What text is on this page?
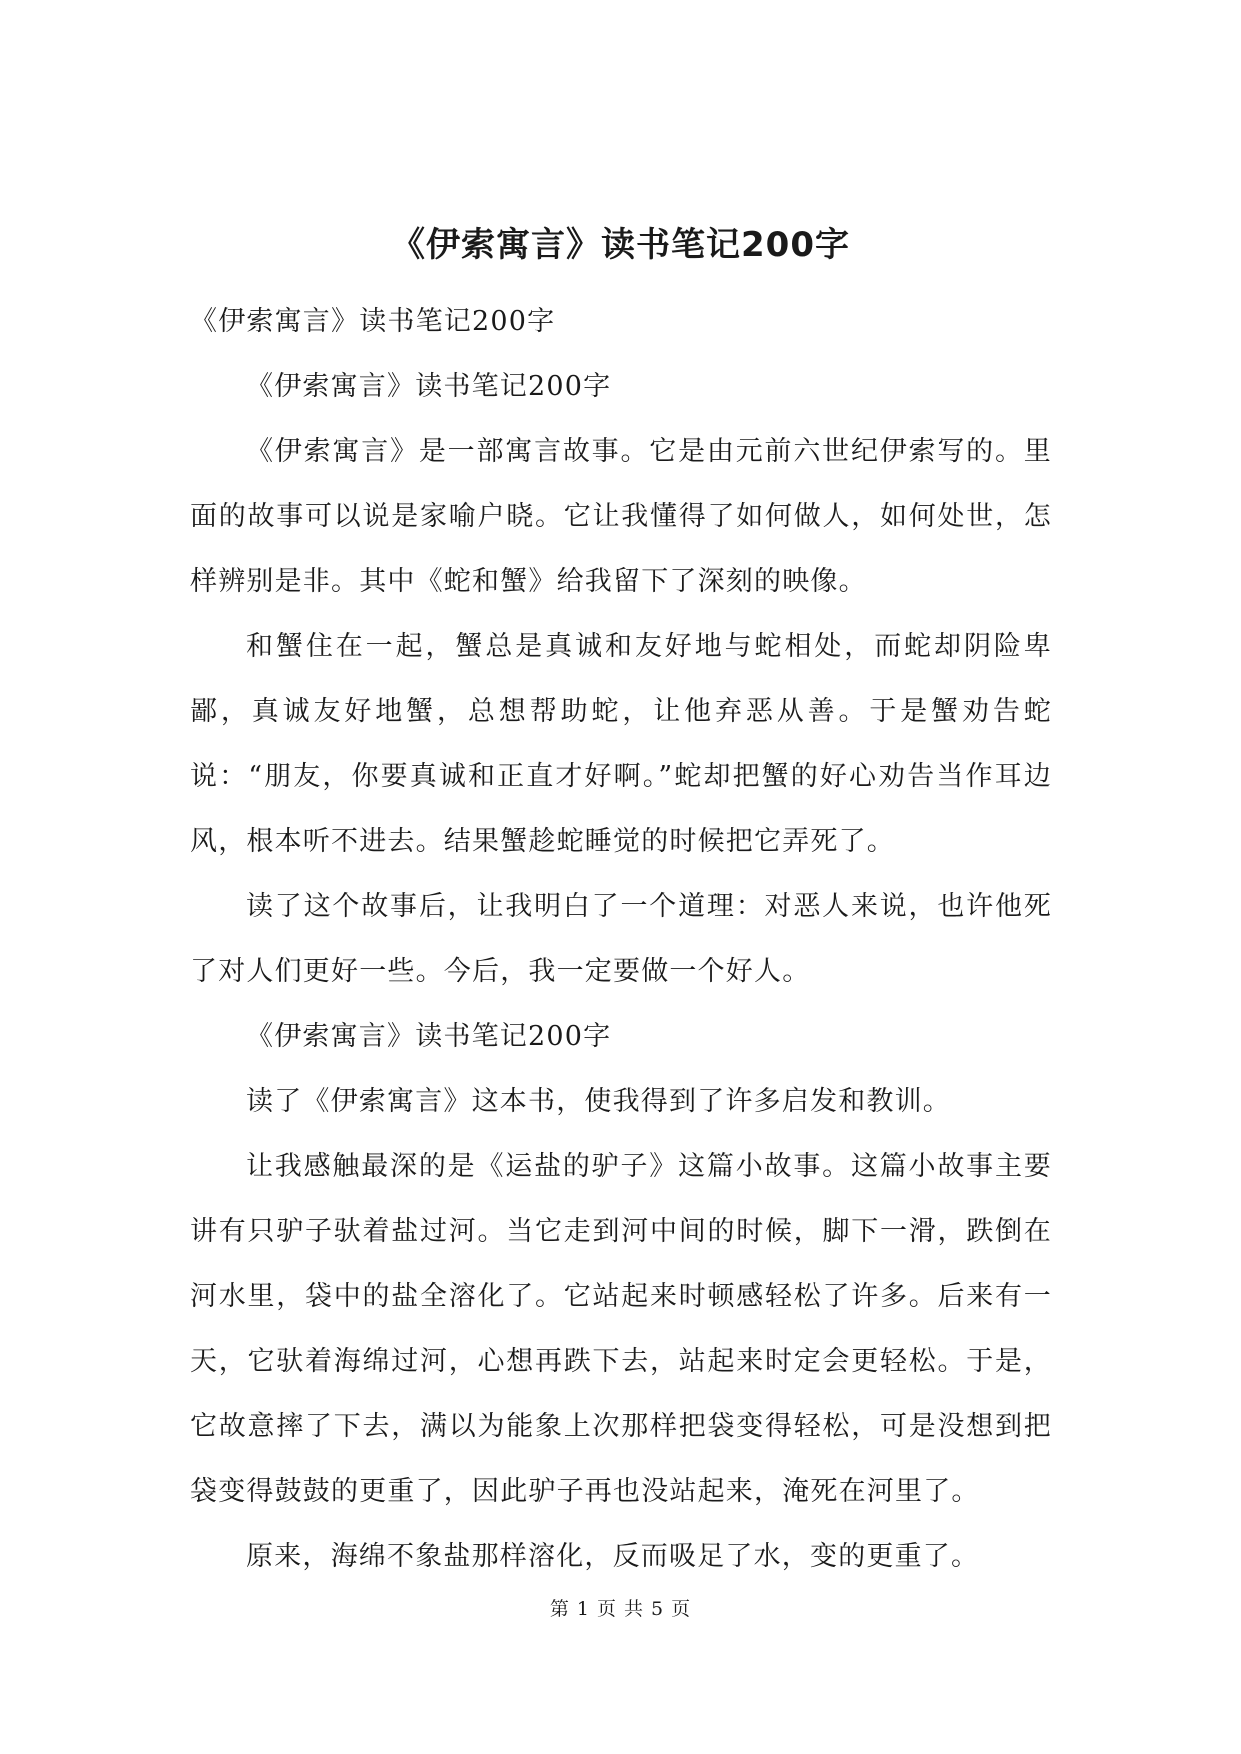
《伊索寓言》读书笔记200字

《伊索寓言》读书笔记200字

《伊索寓言》读书笔记200字

《伊索寓言》是一部寓言故事。它是由元前六世纪伊索写的。里面的故事可以说是家喻户晓。它让我懂得了如何做人，如何处世，怎样辨别是非。其中《蛇和蟹》给我留下了深刻的映像。

和蟹住在一起，蟹总是真诚和友好地与蛇相处，而蛇却阴险卑鄙，真诚友好地蟹，总想帮助蛇，让他弃恶从善。于是蟹劝告蛇说：“朋友，你要真诚和正直才好啊。”蛇却把蟹的好心劝告当作耳边风，根本听不进去。结果蟹趁蛇睡觉的时候把它弄死了。

读了这个故事后，让我明白了一个道理：对恶人来说，也许他死了对人们更好一些。今后，我一定要做一个好人。

《伊索寓言》读书笔记200字

读了《伊索寓言》这本书，使我得到了许多启发和教训。

让我感触最深的是《运盐的驴子》这篇小故事。这篇小故事主要讲有只驴子驮着盐过河。当它走到河中间的时候，脚下一滑，跌倒在河水里，袋中的盐全溶化了。它站起来时顿感轻松了许多。后来有一天，它驮着海绵过河，心想再跌下去，站起来时定会更轻松。于是，它故意摔了下去，满以为能象上次那样把袋变得轻松，可是没想到把袋变得鼓鼓的更重了，因此驴子再也没站起来，淹死在河里了。

原来，海绵不象盐那样溶化，反而吸足了水，变的更重了。

第 1 页 共 5 页
